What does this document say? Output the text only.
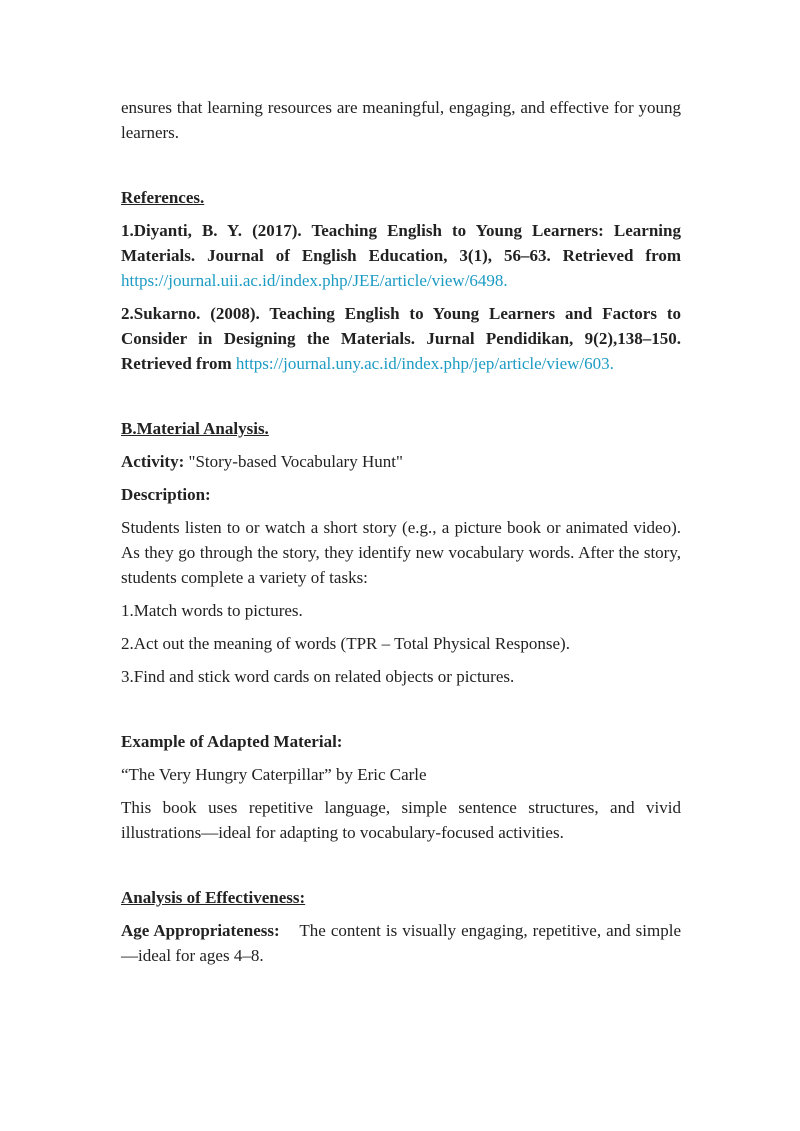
ensures that learning resources are meaningful, engaging, and effective for young learners.

References.

1.Diyanti, B. Y. (2017). Teaching English to Young Learners: Learning Materials. Journal of English Education, 3(1), 56–63. Retrieved from https://journal.uii.ac.id/index.php/JEE/article/view/6498.

2.Sukarno. (2008). Teaching English to Young Learners and Factors to Consider in Designing the Materials. Jurnal Pendidikan, 9(2),138–150. Retrieved from https://journal.uny.ac.id/index.php/jep/article/view/603.

B.Material Analysis.

Activity: "Story-based Vocabulary Hunt"

Description:

Students listen to or watch a short story (e.g., a picture book or animated video). As they go through the story, they identify new vocabulary words. After the story, students complete a variety of tasks:

1.Match words to pictures.

2.Act out the meaning of words (TPR – Total Physical Response).

3.Find and stick word cards on related objects or pictures.

Example of Adapted Material:

“The Very Hungry Caterpillar” by Eric Carle

This book uses repetitive language, simple sentence structures, and vivid illustrations—ideal for adapting to vocabulary-focused activities.

Analysis of Effectiveness:

Age Appropriateness: The content is visually engaging, repetitive, and simple—ideal for ages 4–8.
